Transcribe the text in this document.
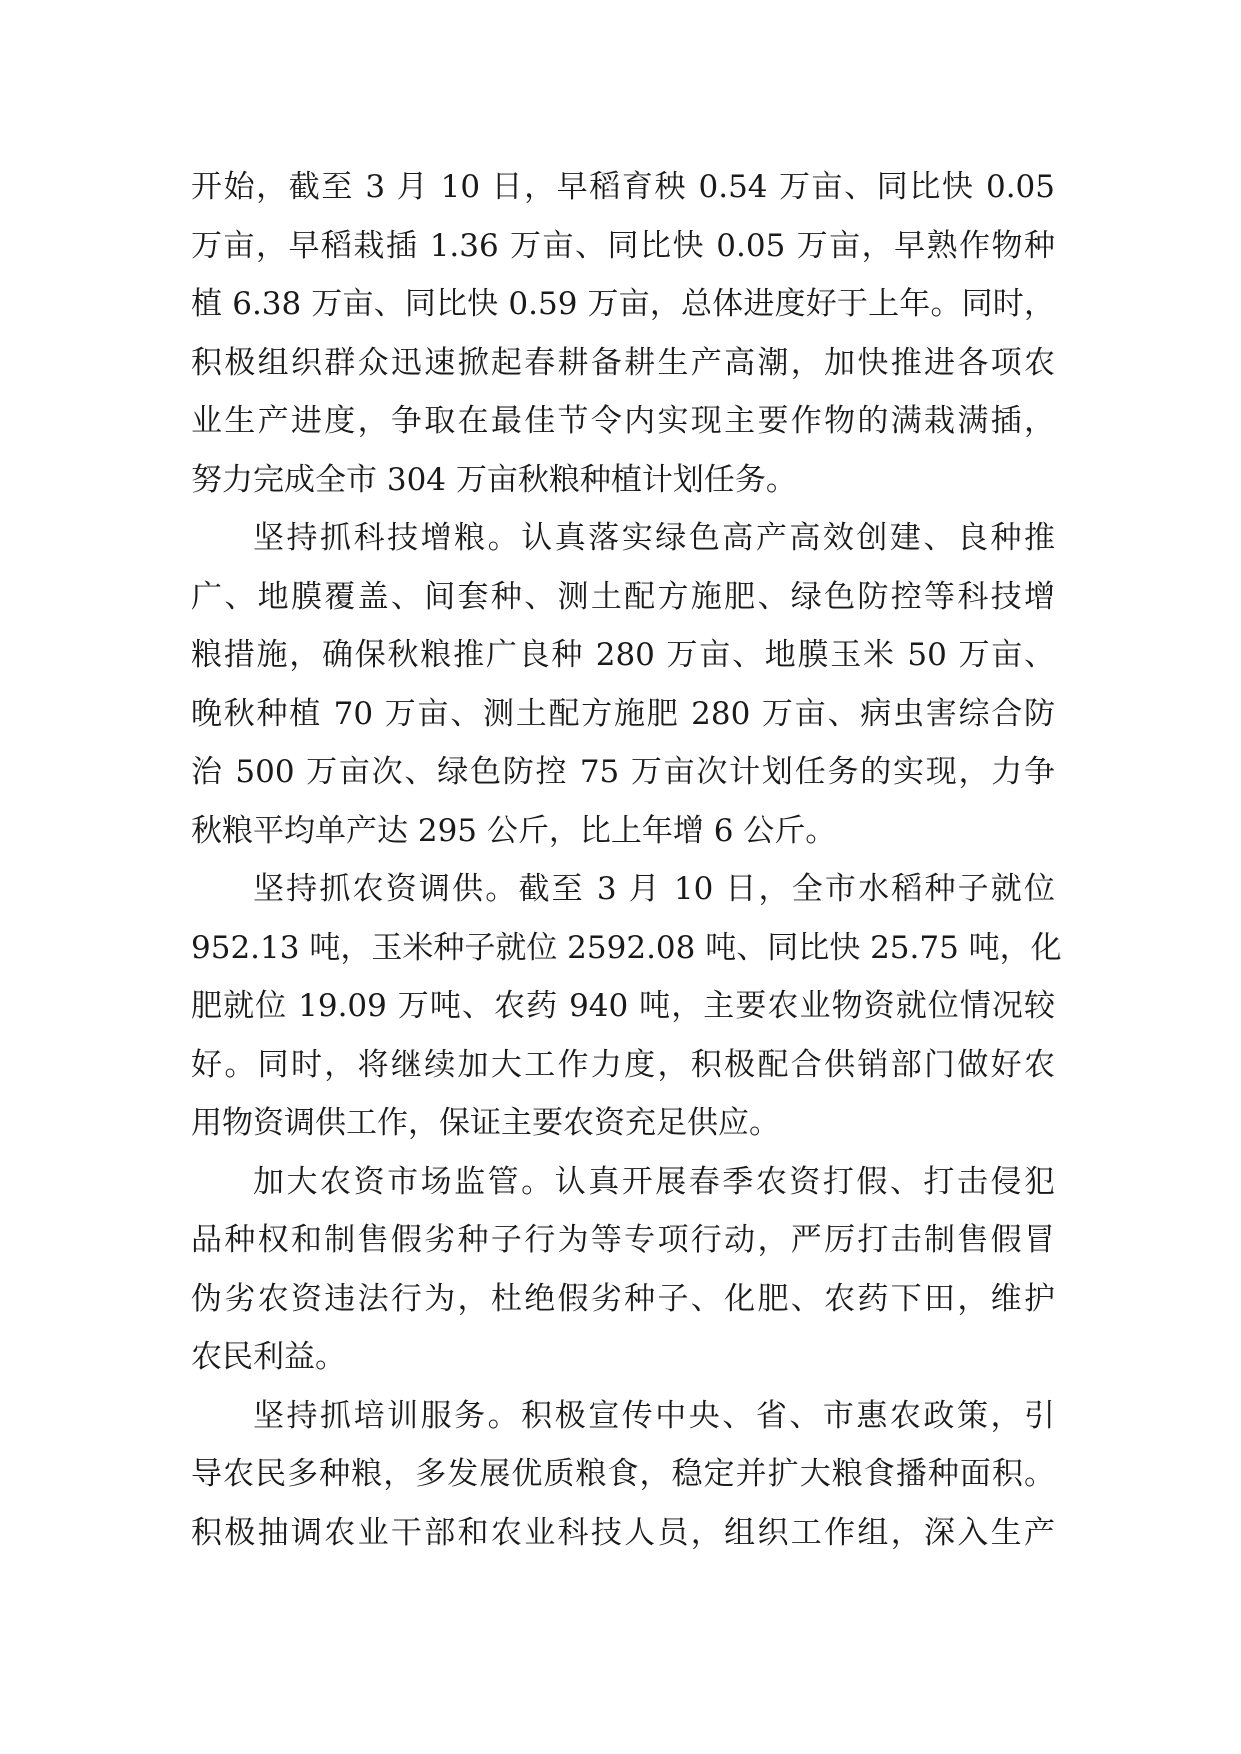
开始，截至 3 月 10 日，早稻育秧 0.54 万亩、同比快 0.05
万亩，早稻栽插 1.36 万亩、同比快 0.05 万亩，早熟作物种
植 6.38 万亩、同比快 0.59 万亩，总体进度好于上年。同时，
积极组织群众迅速掀起春耕备耕生产高潮，加快推进各项农
业生产进度，争取在最佳节令内实现主要作物的满栽满插，
努力完成全市 304 万亩秋粮种植计划任务。
坚持抓科技增粮。认真落实绿色高产高效创建、良种推
广、地膜覆盖、间套种、测土配方施肥、绿色防控等科技增
粮措施，确保秋粮推广良种 280 万亩、地膜玉米 50 万亩、
晚秋种植 70 万亩、测土配方施肥 280 万亩、病虫害综合防
治 500 万亩次、绿色防控 75 万亩次计划任务的实现，力争
秋粮平均单产达 295 公斤，比上年增 6 公斤。
坚持抓农资调供。截至 3 月 10 日，全市水稻种子就位
952.13 吨，玉米种子就位 2592.08 吨、同比快 25.75 吨，化
肥就位 19.09 万吨、农药 940 吨，主要农业物资就位情况较
好。同时，将继续加大工作力度，积极配合供销部门做好农
用物资调供工作，保证主要农资充足供应。
加大农资市场监管。认真开展春季农资打假、打击侵犯
品种权和制售假劣种子行为等专项行动，严厉打击制售假冒
伪劣农资违法行为，杜绝假劣种子、化肥、农药下田，维护
农民利益。
坚持抓培训服务。积极宣传中央、省、市惠农政策，引
导农民多种粮，多发展优质粮食，稳定并扩大粮食播种面积。
积极抽调农业干部和农业科技人员，组织工作组，深入生产
